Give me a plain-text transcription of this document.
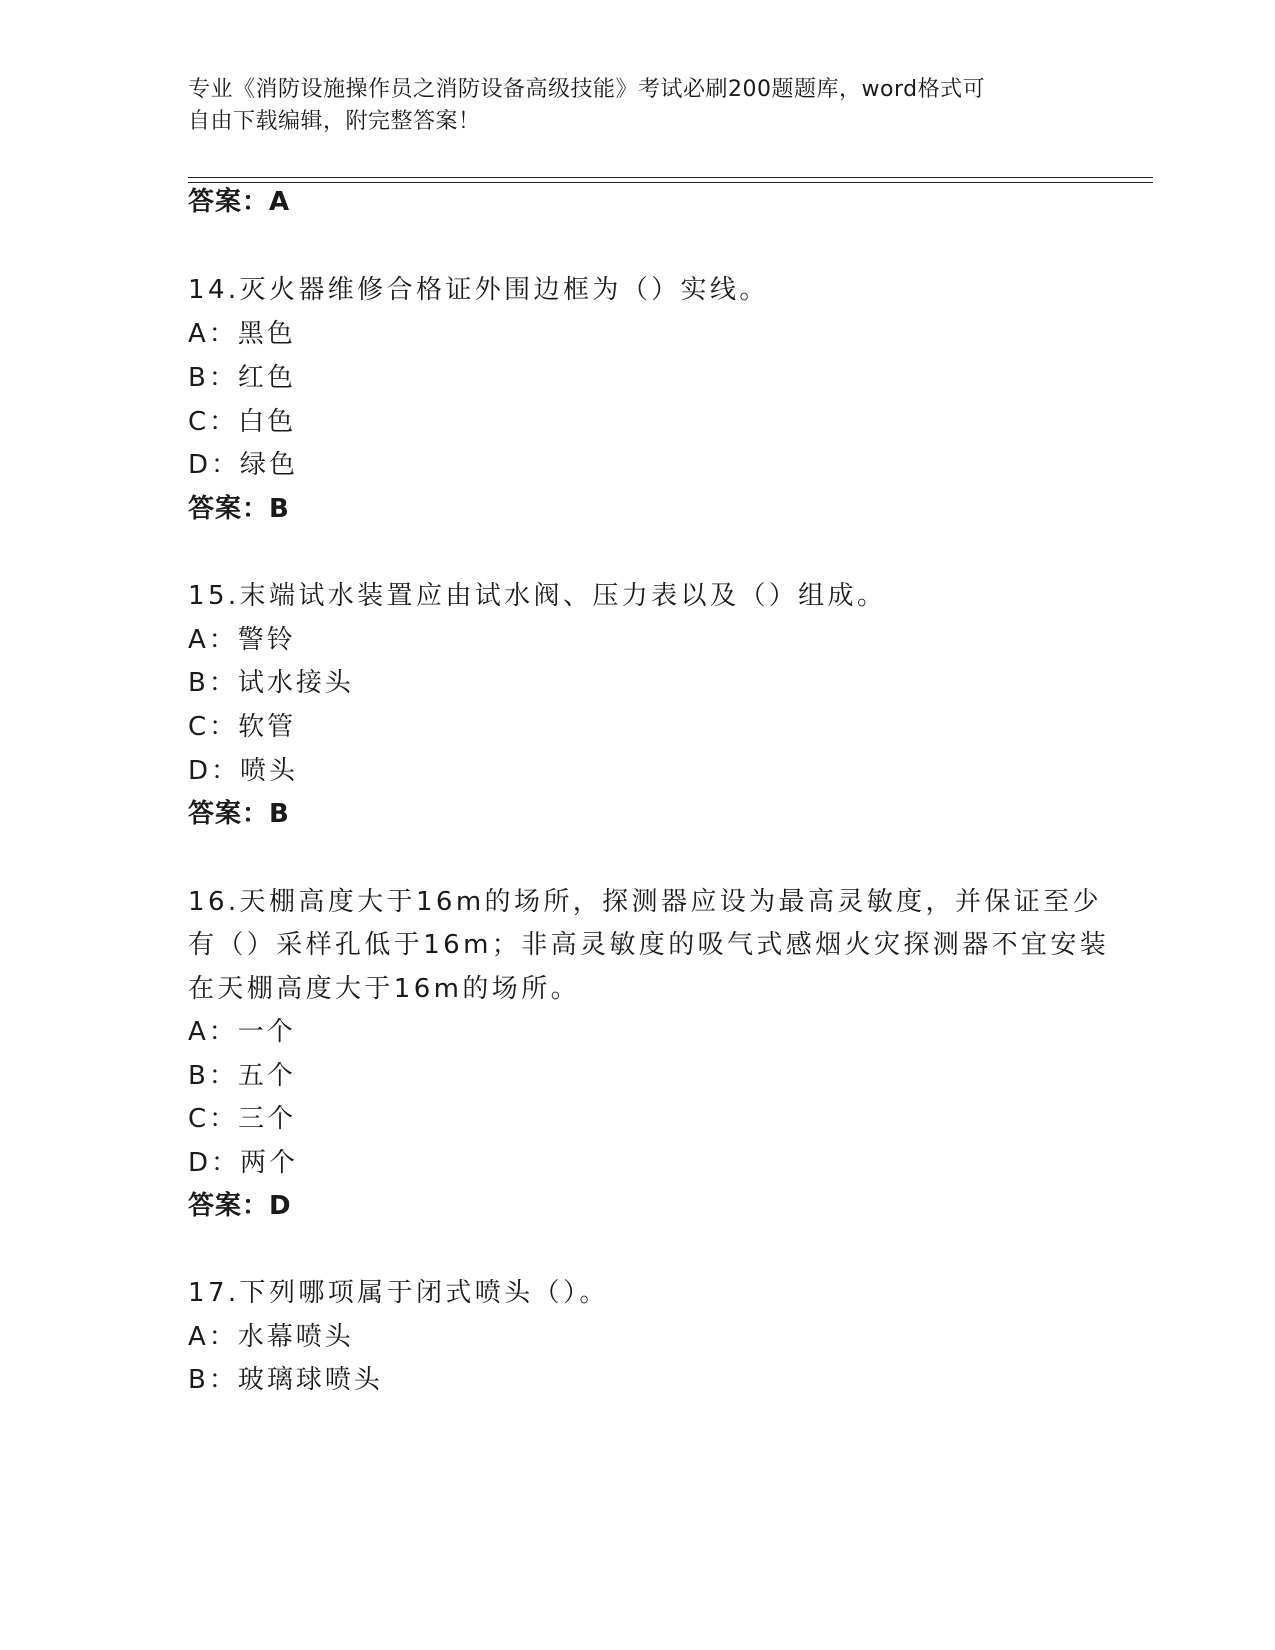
专业《消防设施操作员之消防设备高级技能》考试必刷200题题库，word格式可
自由下载编辑，附完整答案！
答案：A
14.灭火器维修合格证外围边框为（）实线。
A：黑色
B：红色
C：白色
D：绿色
答案：B
15.末端试水装置应由试水阀、压力表以及（）组成。
A：警铃
B：试水接头
C：软管
D：喷头
答案：B
16.天棚高度大于16m的场所，探测器应设为最高灵敏度，并保证至少
有（）采样孔低于16m；非高灵敏度的吸气式感烟火灾探测器不宜安装
在天棚高度大于16m的场所。
A：一个
B：五个
C：三个
D：两个
答案：D
17.下列哪项属于闭式喷头（）。
A：水幕喷头
B：玻璃球喷头
